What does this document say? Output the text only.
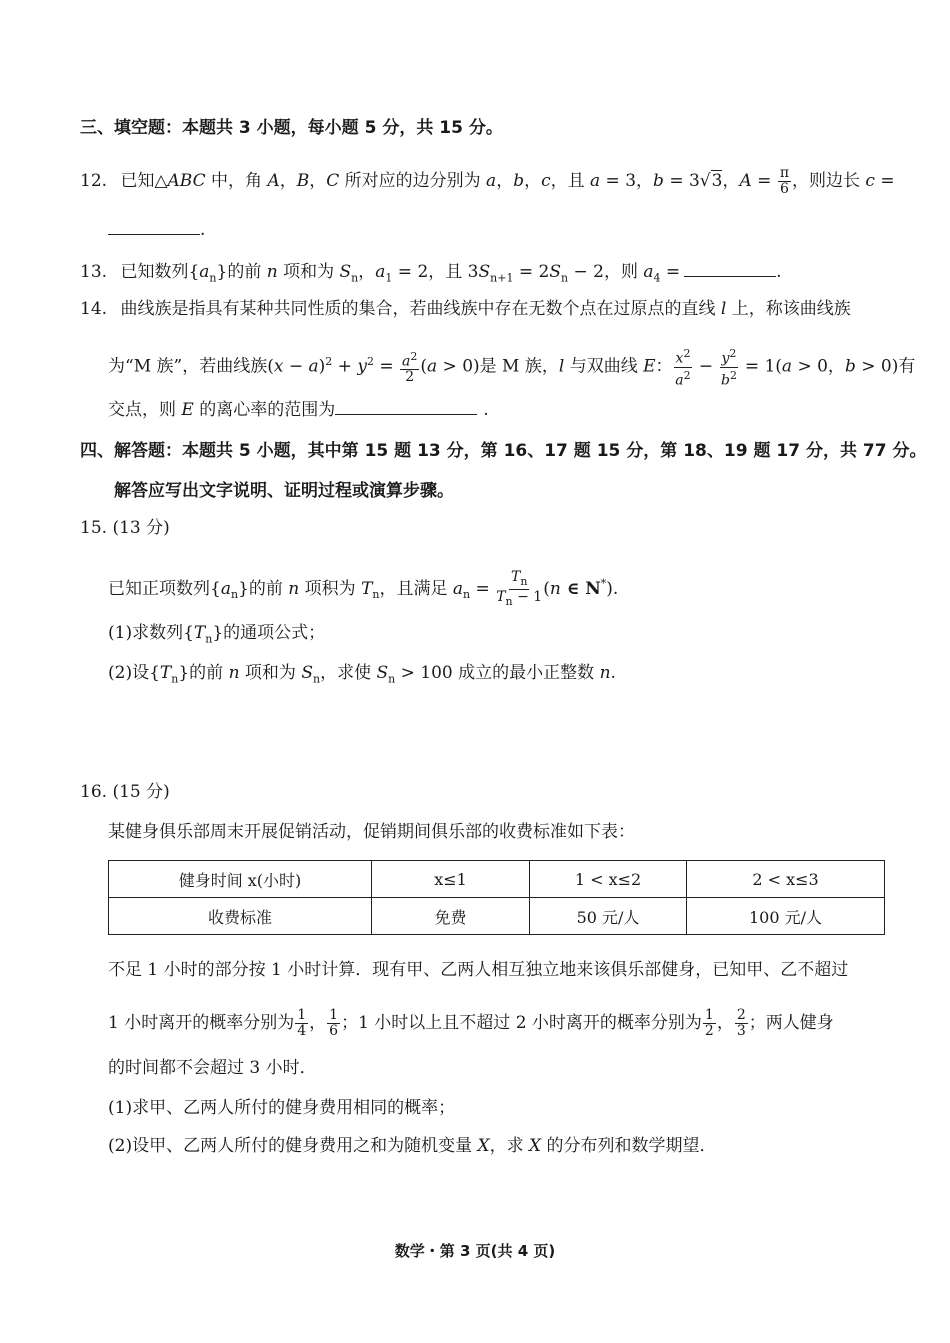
三、填空题：本题共 3 小题，每小题 5 分，共 15 分。
12. 已知△ABC 中，角 A，B，C 所对应的边分别为 a，b，c，且 a = 3，b = 3√3，$A = \frac{\pi}{6}$ ，则边长 c =
.
13. 已知数列$\{a_n\}$的前 n 项和为 $S_n$，$a_1 = 2$，且 $3S_{n+1} = 2S_n - 2$，则 $a_4$ =	.
14. 曲线族是指具有某种共同性质的集合，若曲线族中存在无数个点在过原点的直线 l 上，称该曲线族
为“M 族”，若曲线族$(x - a)^2 + y^2 = \frac{a^2}{2} (a > 0)$是 M 族，l 与双曲线 E： $\frac{x^2}{a^2} - \frac{y^2}{b^2} = 1(a > 0$，b > 0)有
交点，则 E 的离心率的范围为	.
四、解答题：本题共 5 小题，其中第 15 题 13 分，第 16、17 题 15 分，第 18、19 题 17 分，共 77 分。
解答应写出文字说明、证明过程或演算步骤。
15. (13 分)
已知正项数列$\{a_n\}$的前 n 项积为 $T_n$，且满足 $a_n = \frac{T_n}{T_n - 1} (n$ ∈ N*).
(1)求数列$\{T_n\}$的通项公式；
(2)设$\{T_n\}$的前 n 项和为 $S_n$，求使 $S_n > 100$ 成立的最小正整数 n.
16. (15 分)
某健身俱乐部周末开展促销活动，促销期间俱乐部的收费标准如下表：
健身时间 x(小时)	x≤1	1 < x≤2	2 < x≤3
收费标准	免费	50 元/人	100 元/人
不足 1 小时的部分按 1 小时计算．现有甲、乙两人相互独立地来该俱乐部健身，已知甲、乙不超过
1 小时离开的概率分别为 $\frac{1}{4}$ ， $\frac{1}{6}$ ；1 小时以上且不超过 2 小时离开的概率分别为 $\frac{1}{2}$ ， $\frac{2}{3}$ ；两人健身
的时间都不会超过 3 小时．
(1)求甲、乙两人所付的健身费用相同的概率；
(2)设甲、乙两人所付的健身费用之和为随机变量 X，求 X 的分布列和数学期望．
数学・第 3 页(共 4 页)
